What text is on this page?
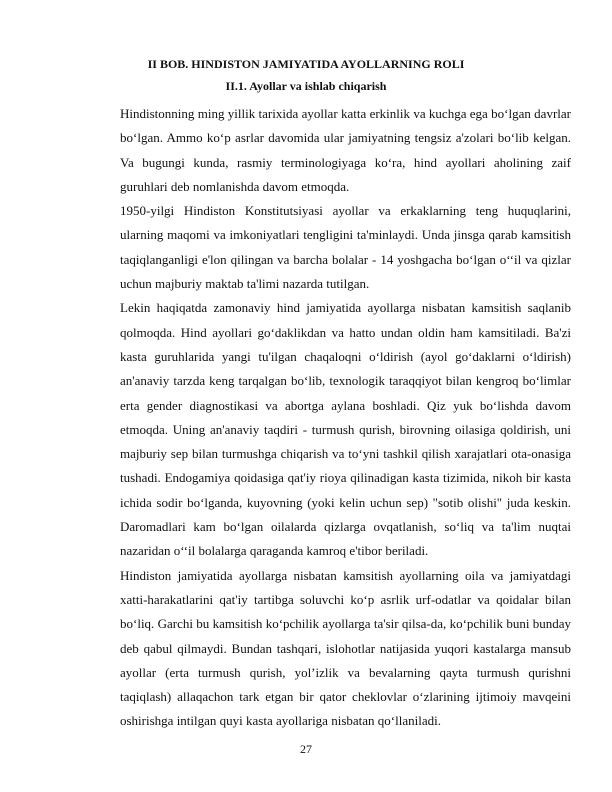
II BOB. HINDISTON JAMIYATIDA AYOLLARNING ROLI
II.1. Ayollar va ishlab chiqarish

Hindistonning ming yillik tarixida ayollar katta erkinlik va kuchga ega bo‘lgan davrlar bo‘lgan. Ammo ko‘p asrlar davomida ular jamiyatning tengsiz a'zolari bo‘lib kelgan. Va bugungi kunda, rasmiy terminologiyaga ko‘ra, hind ayollari aholining zaif guruhlari deb nomlanishda davom etmoqda.

1950-yilgi Hindiston Konstitutsiyasi ayollar va erkaklarning teng huquqlarini, ularning maqomi va imkoniyatlari tengligini ta'minlaydi. Unda jinsga qarab kamsitish taqiqlanganligi e'lon qilingan va barcha bolalar - 14 yoshgacha bo‘lgan o‘‘il va qizlar uchun majburiy maktab ta'limi nazarda tutilgan.

Lekin haqiqatda zamonaviy hind jamiyatida ayollarga nisbatan kamsitish saqlanib qolmoqda. Hind ayollari go‘daklikdan va hatto undan oldin ham kamsitiladi. Ba'zi kasta guruhlarida yangi tu'ilgan chaqaloqni o‘ldirish (ayol go‘daklarni o‘ldirish) an'anaviy tarzda keng tarqalgan bo‘lib, texnologik taraqqiyot bilan kengroq bo‘limlar erta gender diagnostikasi va abortga aylana boshladi. Qiz yuk bo‘lishda davom etmoqda. Uning an'anaviy taqdiri - turmush qurish, birovning oilasiga qoldirish, uni majburiy sep bilan turmushga chiqarish va to‘yni tashkil qilish xarajatlari ota-onasiga tushadi. Endogamiya qoidasiga qat'iy rioya qilinadigan kasta tizimida, nikoh bir kasta ichida sodir bo‘lganda, kuyovning (yoki kelin uchun sep) "sotib olishi" juda keskin. Daromadlari kam bo‘lgan oilalarda qizlarga ovqatlanish, so‘liq va ta'lim nuqtai nazaridan o‘‘il bolalarga qaraganda kamroq e'tibor beriladi.

Hindiston jamiyatida ayollarga nisbatan kamsitish ayollarning oila va jamiyatdagi xatti-harakatlarini qat'iy tartibga soluvchi ko‘p asrlik urf-odatlar va qoidalar bilan bo‘liq. Garchi bu kamsitish ko‘pchilik ayollarga ta'sir qilsa-da, ko‘pchilik buni bunday deb qabul qilmaydi. Bundan tashqari, islohotlar natijasida yuqori kastalarga mansub ayollar (erta turmush qurish, yol’izlik va bevalarning qayta turmush qurishni taqiqlash) allaqachon tark etgan bir qator cheklovlar o‘zlarining ijtimoiy mavqeini oshirishga intilgan quyi kasta ayollariga nisbatan qo‘llaniladi.

27
